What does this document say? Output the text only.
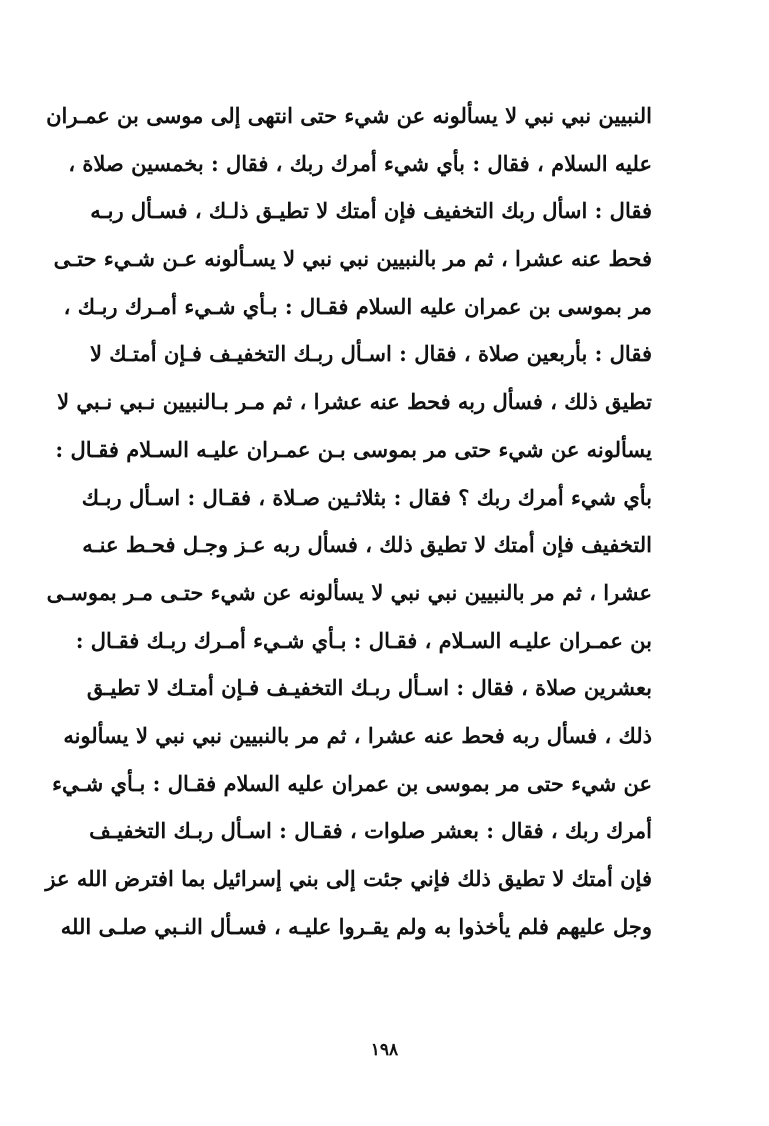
النبيين نبي نبي لا يسألونه عن شيء حتى انتهى إلى موسى بن عمـران
عليه السلام ، فقال : بأي شيء أمرك ربك ، فقال : بخمسين صلاة ،
فقال : اسأل ربك التخفيف فإن أمتك لا تطيـق ذلـك ، فسـأل ربـه
فحط عنه عشرا ، ثم مر بالنبيين نبي نبي لا يسـألونه عـن شـيء حتـى
مر بموسى بن عمران عليه السلام فقـال : بـأي شـيء أمـرك ربـك ،
فقال : بأربعين صلاة ، فقال : اسـأل ربـك التخفيـف فـإن أمتـك لا
تطيق ذلك ، فسأل ربه فحط عنه عشرا ، ثم مـر بـالنبيين نـبي نـبي لا
يسألونه عن شيء حتى مر بموسى بـن عمـران عليـه السـلام فقـال :
بأي شيء أمرك ربك ؟ فقال : بثلاثـين صـلاة ، فقـال : اسـأل ربـك
التخفيف فإن أمتك لا تطيق ذلك ، فسأل ربه عـز وجـل فحـط عنـه
عشرا ، ثم مر بالنبيين نبي نبي لا يسألونه عن شيء حتـى مـر بموسـى
بن عمـران عليـه السـلام ، فقـال : بـأي شـيء أمـرك ربـك فقـال :
بعشرين صلاة ، فقال : اسـأل ربـك التخفيـف فـإن أمتـك لا تطيـق
ذلك ، فسأل ربه فحط عنه عشرا ، ثم مر بالنبيين نبي نبي لا يسألونه
عن شيء حتى مر بموسى بن عمران عليه السلام فقـال : بـأي شـيء
أمرك ربك ، فقال : بعشر صلوات ، فقـال : اسـأل ربـك التخفيـف
فإن أمتك لا تطيق ذلك فإني جئت إلى بني إسرائيل بما افترض الله عز
وجل عليهم فلم يأخذوا به ولم يقـروا عليـه ، فسـأل النـبي صلـى الله
١٩٨
